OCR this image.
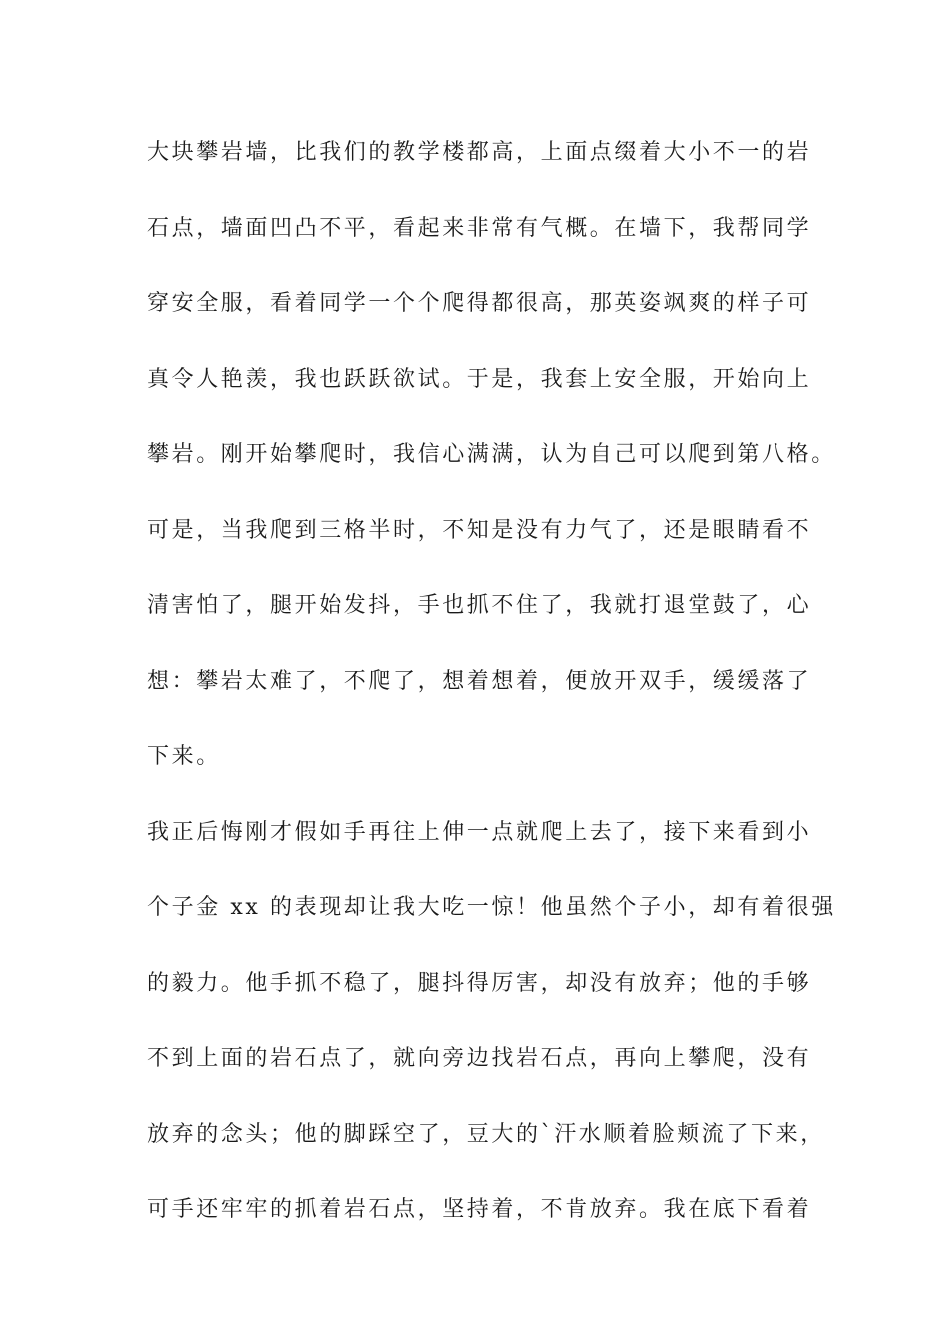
大块攀岩墙，比我们的教学楼都高，上面点缀着大小不一的岩
石点，墙面凹凸不平，看起来非常有气概。在墙下，我帮同学
穿安全服，看着同学一个个爬得都很高，那英姿飒爽的样子可
真令人艳羡，我也跃跃欲试。于是，我套上安全服，开始向上
攀岩。刚开始攀爬时，我信心满满，认为自己可以爬到第八格。
可是，当我爬到三格半时，不知是没有力气了，还是眼睛看不
清害怕了，腿开始发抖，手也抓不住了，我就打退堂鼓了，心
想：攀岩太难了，不爬了，想着想着，便放开双手，缓缓落了
下来。
我正后悔刚才假如手再往上伸一点就爬上去了，接下来看到小
个子金 xx 的表现却让我大吃一惊！他虽然个子小，却有着很强
的毅力。他手抓不稳了，腿抖得厉害，却没有放弃；他的手够
不到上面的岩石点了，就向旁边找岩石点，再向上攀爬，没有
放弃的念头；他的脚踩空了，豆大的`汗水顺着脸颊流了下来，
可手还牢牢的抓着岩石点，坚持着，不肯放弃。我在底下看着
